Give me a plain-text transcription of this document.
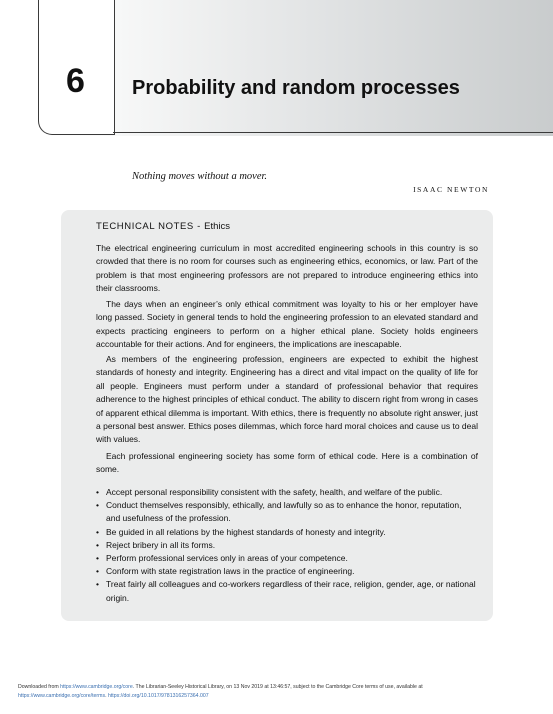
6	Probability and random processes
Nothing moves without a mover.
ISAAC NEWTON
TECHNICAL NOTES - Ethics

The electrical engineering curriculum in most accredited engineering schools in this country is so crowded that there is no room for courses such as engineering ethics, economics, or law. Part of the problem is that most engineering professors are not prepared to introduce engineering ethics into their classrooms.

The days when an engineer’s only ethical commitment was loyalty to his or her employer have long passed. Society in general tends to hold the engineering profession to an elevated standard and expects practicing engineers to perform on a higher ethical plane. Society holds engineers accountable for their actions. And for engineers, the implications are inescapable.

As members of the engineering profession, engineers are expected to exhibit the highest standards of honesty and integrity. Engineering has a direct and vital impact on the quality of life for all people. Engineers must perform under a standard of professional behavior that requires adherence to the highest principles of ethical conduct. The ability to discern right from wrong in cases of apparent ethical dilemma is important. With ethics, there is frequently no absolute right answer, just a personal best answer. Ethics poses dilemmas, which force hard moral choices and cause us to deal with values.

Each professional engineering society has some form of ethical code. Here is a combination of some.

• Accept personal responsibility consistent with the safety, health, and welfare of the public.
• Conduct themselves responsibly, ethically, and lawfully so as to enhance the honor, reputation, and usefulness of the profession.
• Be guided in all relations by the highest standards of honesty and integrity.
• Reject bribery in all its forms.
• Perform professional services only in areas of your competence.
• Conform with state registration laws in the practice of engineering.
• Treat fairly all colleagues and co-workers regardless of their race, religion, gender, age, or national origin.
Downloaded from https://www.cambridge.org/core. The Librarian-Seeley Historical Library, on 13 Nov 2019 at 13:46:57, subject to the Cambridge Core terms of use, available at
https://www.cambridge.org/core/terms. https://doi.org/10.1017/9781316257364.007
